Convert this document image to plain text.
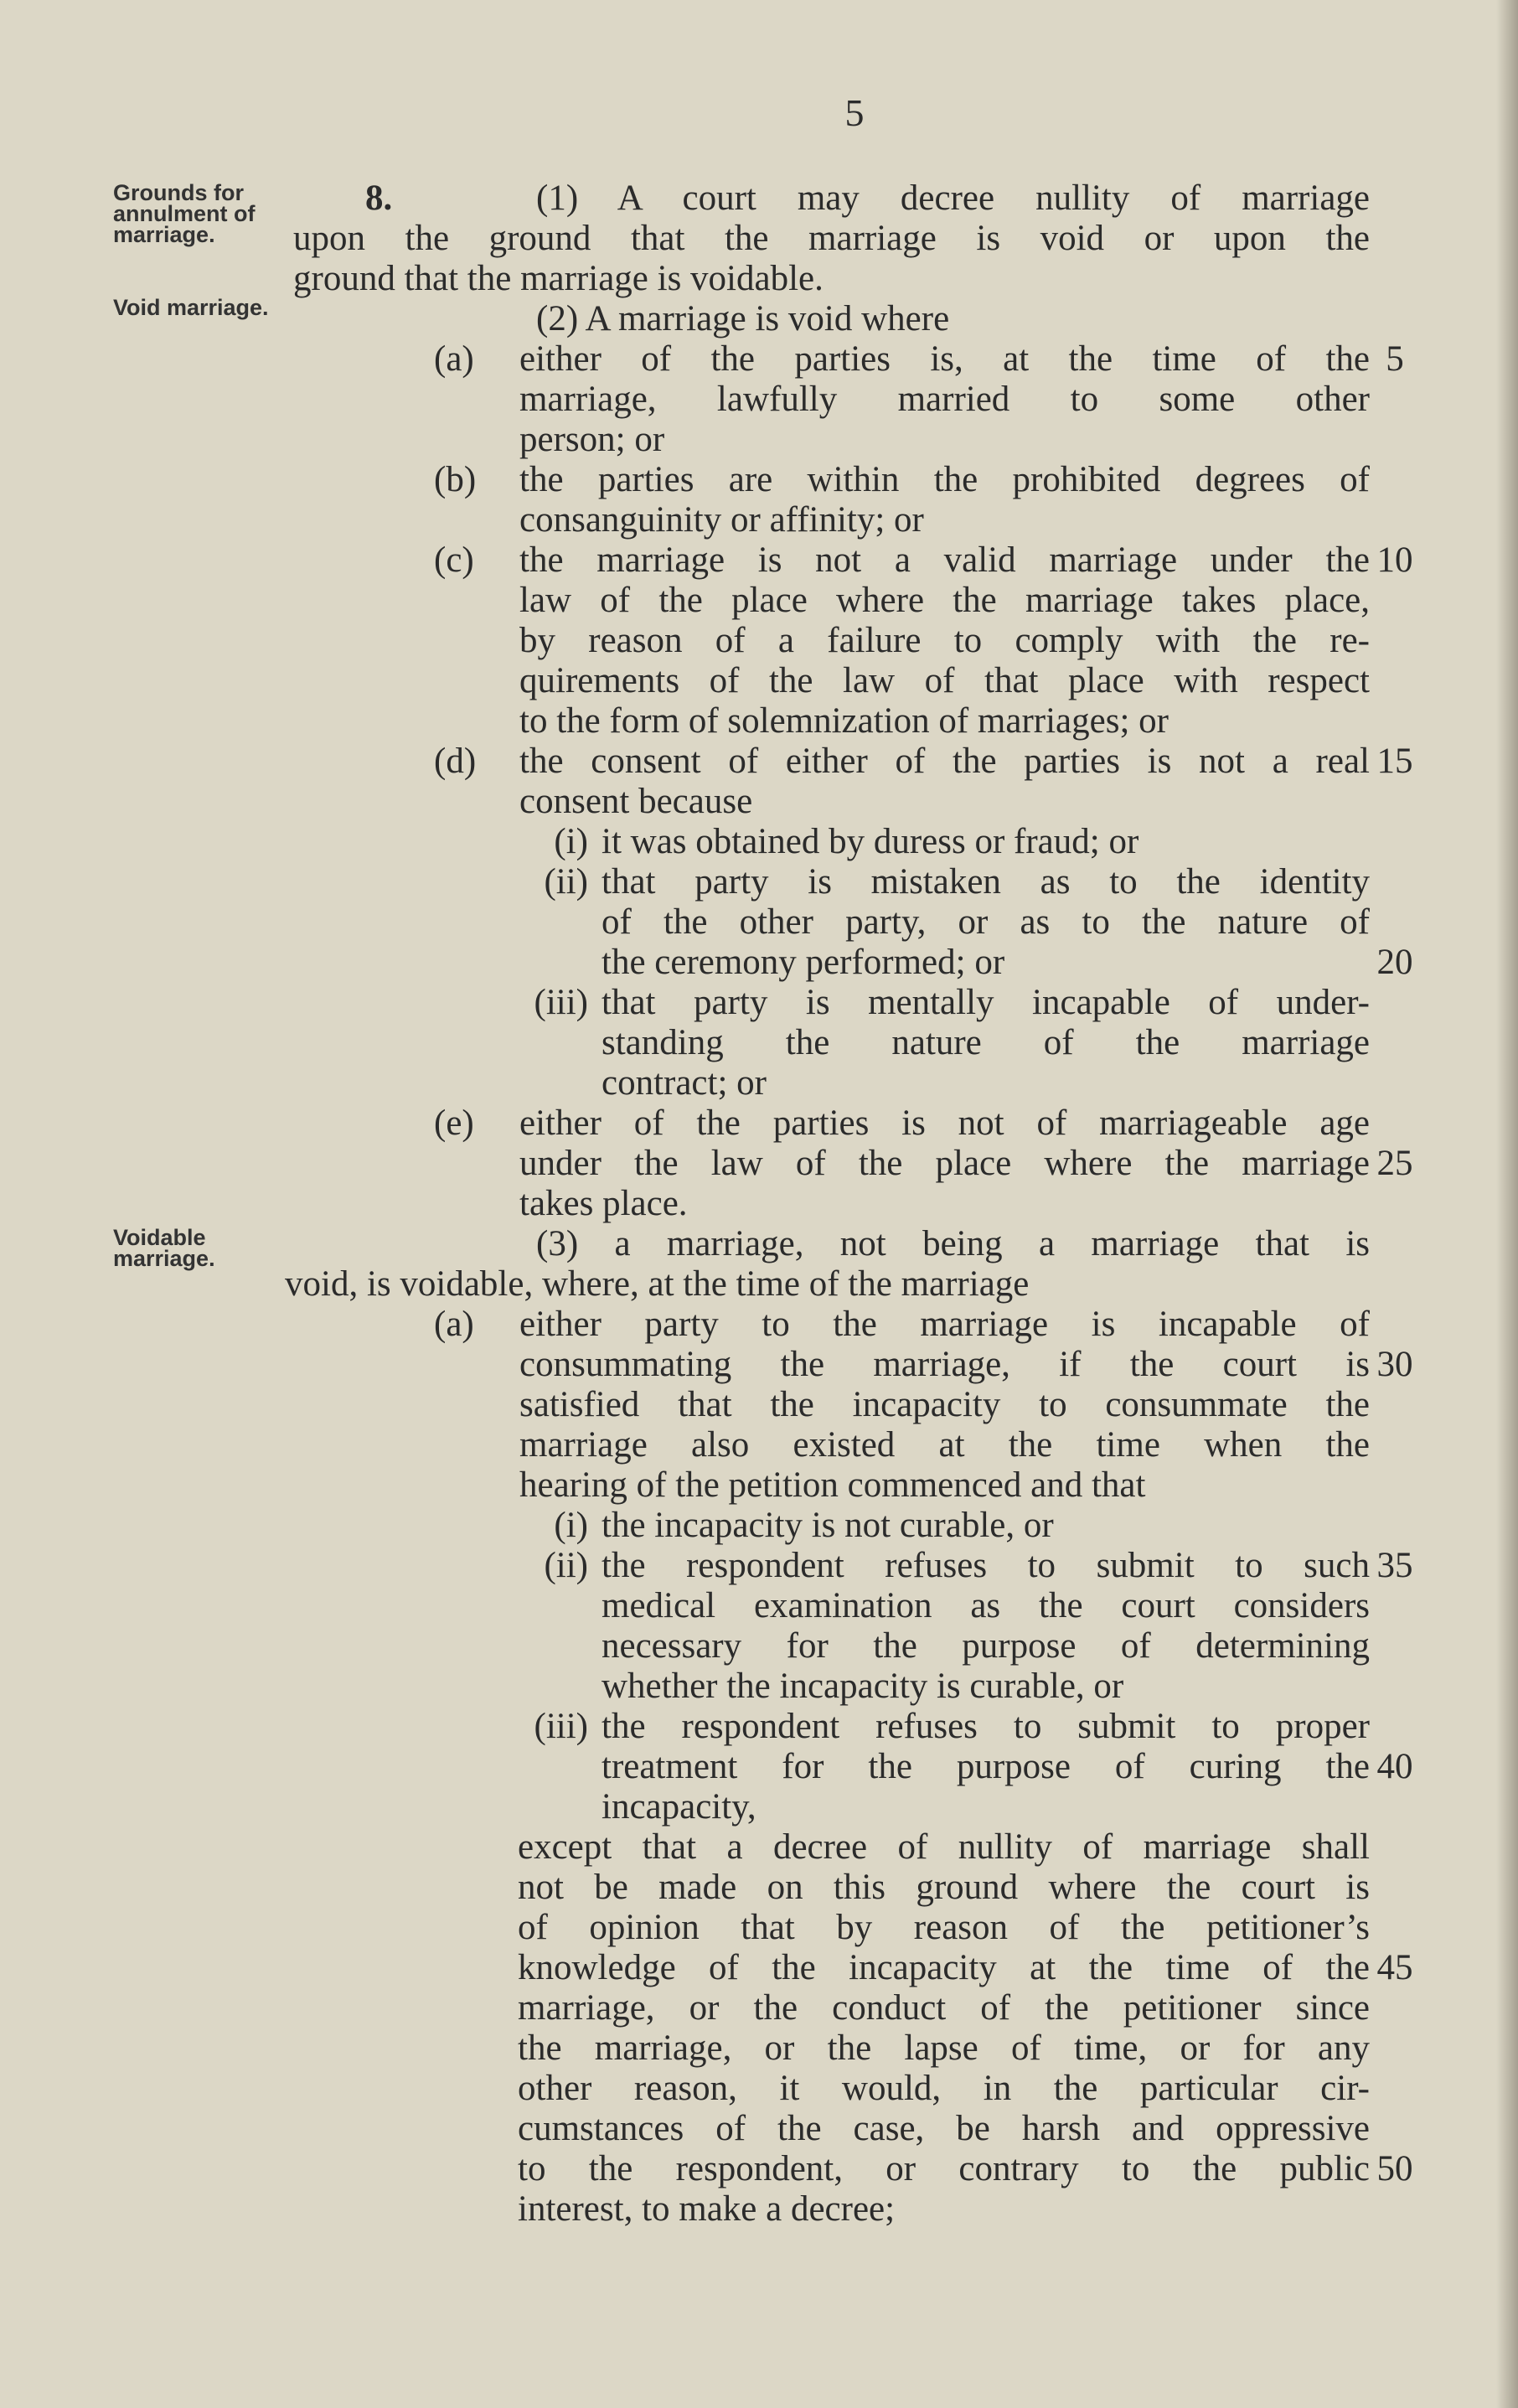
5
Grounds for annulment of marriage.
Void marriage.
Voidable marriage.
8.	(1) A court may decree nullity of marriage
upon the ground that the marriage is void or upon the
ground that the marriage is voidable.
(2) A marriage is void where
(a)	either of the parties is, at the time of the
marriage, lawfully married to some other
person; or
(b)	the parties are within the prohibited degrees of
consanguinity or affinity; or
(c)	the marriage is not a valid marriage under the
law of the place where the marriage takes place,
by reason of a failure to comply with the re-
quirements of the law of that place with respect
to the form of solemnization of marriages; or
(d)	the consent of either of the parties is not a real
consent because
(i) it was obtained by duress or fraud; or
(ii) that party is mistaken as to the identity
of the other party, or as to the nature of
the ceremony performed; or
(iii) that party is mentally incapable of under-
standing the nature of the marriage
contract; or
(e)	either of the parties is not of marriageable age
under the law of the place where the marriage
takes place.
(3) a marriage, not being a marriage that is
void, is voidable, where, at the time of the marriage
(a)	either party to the marriage is incapable of
consummating the marriage, if the court is
satisfied that the incapacity to consummate the
marriage also existed at the time when the
hearing of the petition commenced and that
(i) the incapacity is not curable, or
(ii) the respondent refuses to submit to such
medical examination as the court considers
necessary for the purpose of determining
whether the incapacity is curable, or
(iii) the respondent refuses to submit to proper
treatment for the purpose of curing the
incapacity,
except that a decree of nullity of marriage shall
not be made on this ground where the court is
of opinion that by reason of the petitioner’s
knowledge of the incapacity at the time of the
marriage, or the conduct of the petitioner since
the marriage, or the lapse of time, or for any
other reason, it would, in the particular cir-
cumstances of the case, be harsh and oppressive
to the respondent, or contrary to the public
interest, to make a decree;
5
10
15
20
25
30
35
40
45
50
